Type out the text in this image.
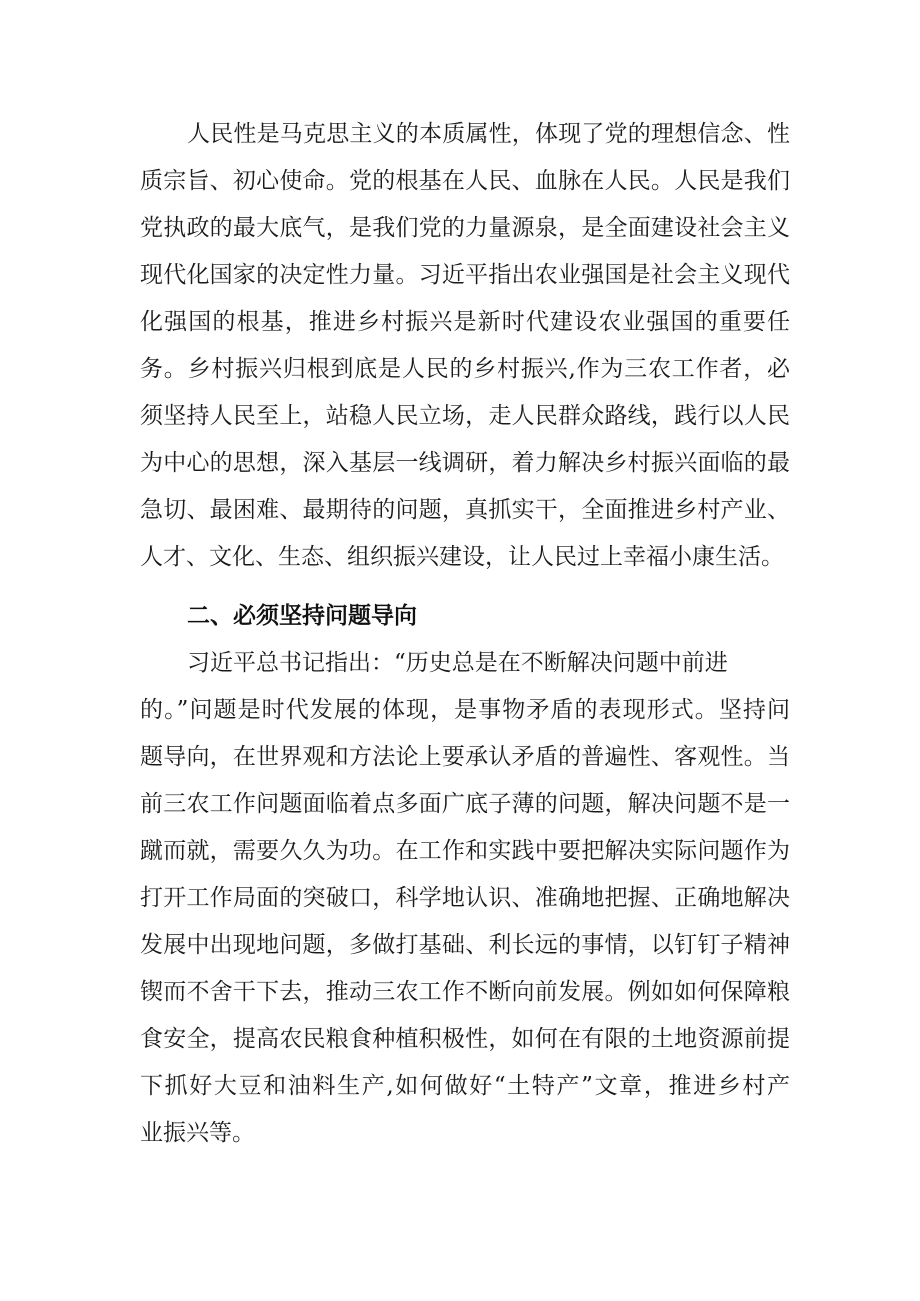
人民性是马克思主义的本质属性，体现了党的理想信念、性
质宗旨、初心使命。党的根基在人民、血脉在人民。人民是我们
党执政的最大底气，是我们党的力量源泉，是全面建设社会主义
现代化国家的决定性力量。习近平指出农业强国是社会主义现代
化强国的根基，推进乡村振兴是新时代建设农业强国的重要任
务。乡村振兴归根到底是人民的乡村振兴,作为三农工作者，必
须坚持人民至上，站稳人民立场，走人民群众路线，践行以人民
为中心的思想，深入基层一线调研，着力解决乡村振兴面临的最
急切、最困难、最期待的问题，真抓实干，全面推进乡村产业、
人才、文化、生态、组织振兴建设，让人民过上幸福小康生活。
二、必须坚持问题导向
习近平总书记指出：“历史总是在不断解决问题中前进
的。”问题是时代发展的体现，是事物矛盾的表现形式。坚持问
题导向，在世界观和方法论上要承认矛盾的普遍性、客观性。当
前三农工作问题面临着点多面广底子薄的问题，解决问题不是一
蹴而就，需要久久为功。在工作和实践中要把解决实际问题作为
打开工作局面的突破口，科学地认识、准确地把握、正确地解决
发展中出现地问题，多做打基础、利长远的事情，以钉钉子精神
锲而不舍干下去，推动三农工作不断向前发展。例如如何保障粮
食安全，提高农民粮食种植积极性，如何在有限的土地资源前提
下抓好大豆和油料生产,如何做好“土特产”文章，推进乡村产
业振兴等。
